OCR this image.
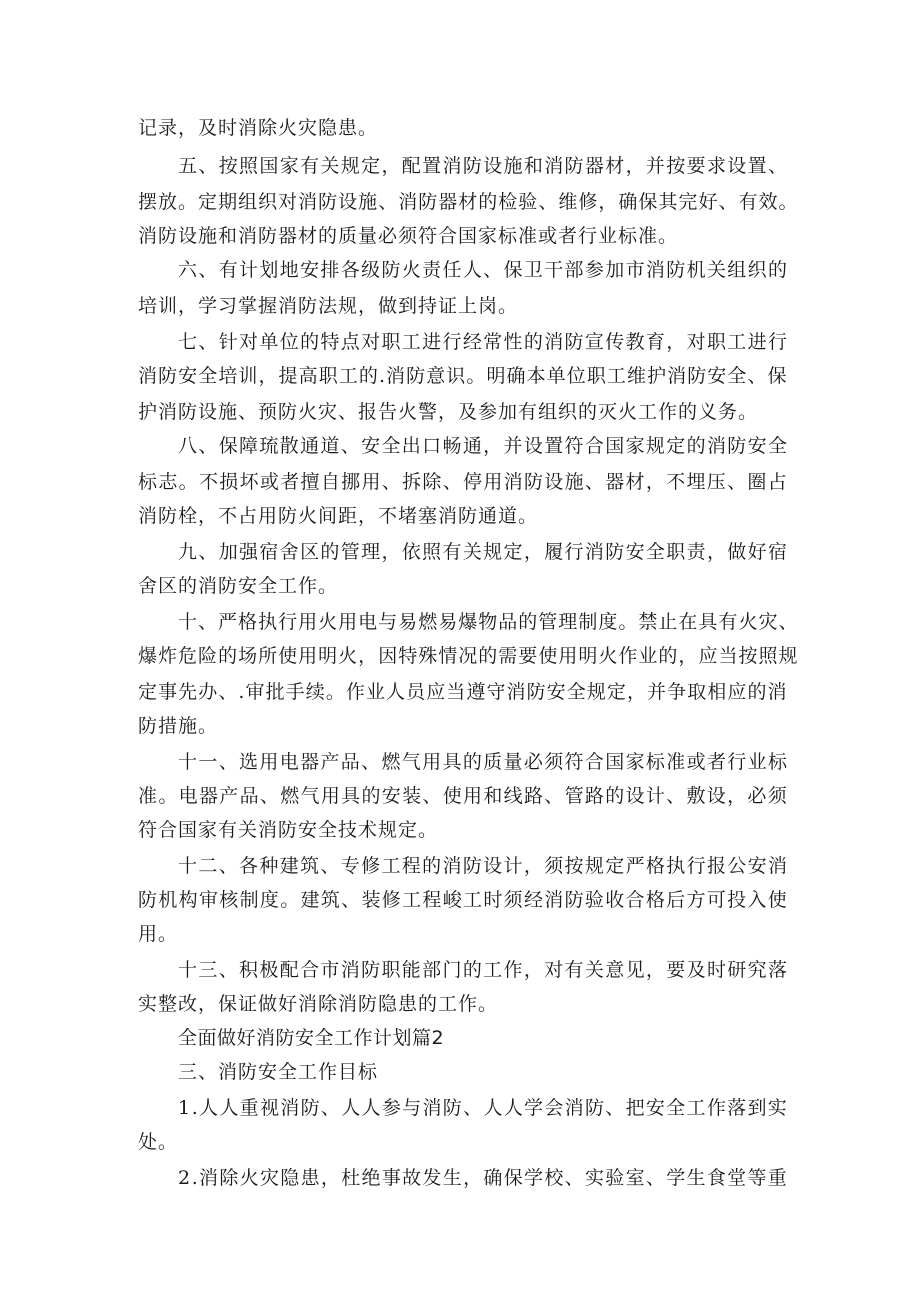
记录，及时消除火灾隐患。
五 、 按 照 国 家 有 关 规 定 ， 配 置 消 防 设 施 和 消 防 器 材 ， 并 按 要 求 设 置 、
摆 放 。 定 期 组 织 对 消 防 设 施 、 消 防 器 材 的 检 验 、 维 修 ， 确 保 其 完 好 、 有 效 。
消防设施和消防器材的质量必须符合国家标准或者行业标准。
六 、 有 计 划 地 安 排 各 级 防 火 责 任 人 、 保 卫 干 部 参 加 市 消 防 机 关 组 织 的
培训，学习掌握消防法规，做到持证上岗。
七 、 针 对 单 位 的 特 点 对 职 工 进 行 经 常 性 的 消 防 宣 传 教 育 ， 对 职 工 进 行
消 防 安 全 培 训 ， 提 高 职 工 的 . 消 防 意 识 。 明 确 本 单 位 职 工 维 护 消 防 安 全 、 保
护消防设施、预防火灾、报告火警，及参加有组织的灭火工作的义务。
八 、 保 障 琉 散 通 道 、 安 全 出 口 畅 通 ， 并 设 置 符 合 国 家 规 定 的 消 防 安 全
标 志 。 不 损 坏 或 者 擅 自 挪 用 、 拆 除 、 停 用 消 防 设 施 、 器 材 ， 不 埋 压 、 圈 占
消防栓，不占用防火间距，不堵塞消防通道。
九 、 加 强 宿 舍 区 的 管 理 ， 依 照 有 关 规 定 ， 履 行 消 防 安 全 职 责 ， 做 好 宿
舍区的消防安全工作。
十 、 严 格 执 行 用 火 用 电 与 易 燃 易 爆 物 品 的 管 理 制 度 。 禁 止 在 具 有 火 灾 、
爆 炸 危 险 的 场 所 使 用 明 火 ， 因 特 殊 情 况 的 需 要 使 用 明 火 作 业 的 ， 应 当 按 照 规
定 事 先 办 、 . 审 批 手 续 。 作 业 人 员 应 当 遵 守 消 防 安 全 规 定 ， 并 争 取 相 应 的 消
防措施。
十 一 、 选 用 电 器 产 品 、 燃 气 用 具 的 质 量 必 须 符 合 国 家 标 准 或 者 行 业 标
准 。 电 器 产 品 、 燃 气 用 具 的 安 装 、 使 用 和 线 路 、 管 路 的 设 计 、 敷 设 ， 必 须
符合国家有关消防安全技术规定。
十 二 、 各 种 建 筑 、 专 修 工 程 的 消 防 设 计 ， 须 按 规 定 严 格 执 行 报 公 安 消
防 机 构 审 核 制 度 。 建 筑 、 装 修 工 程 峻 工 时 须 经 消 防 验 收 合 格 后 方 可 投 入 使
用。
十 三 、 积 极 配 合 市 消 防 职 能 部 门 的 工 作 ， 对 有 关 意 见 ， 要 及 时 研 究 落
实整改，保证做好消除消防隐患的工作。
全面做好消防安全工作计划篇2
三、消防安全工作目标
1 . 人 人 重 视 消 防 、 人 人 参 与 消 防 、 人 人 学 会 消 防 、 把 安 全 工 作 落 到 实
处。
2 . 消 除 火 灾 隐 患 ， 杜 绝 事 故 发 生 ， 确 保 学 校 、 实 验 室 、 学 生 食 堂 等 重
